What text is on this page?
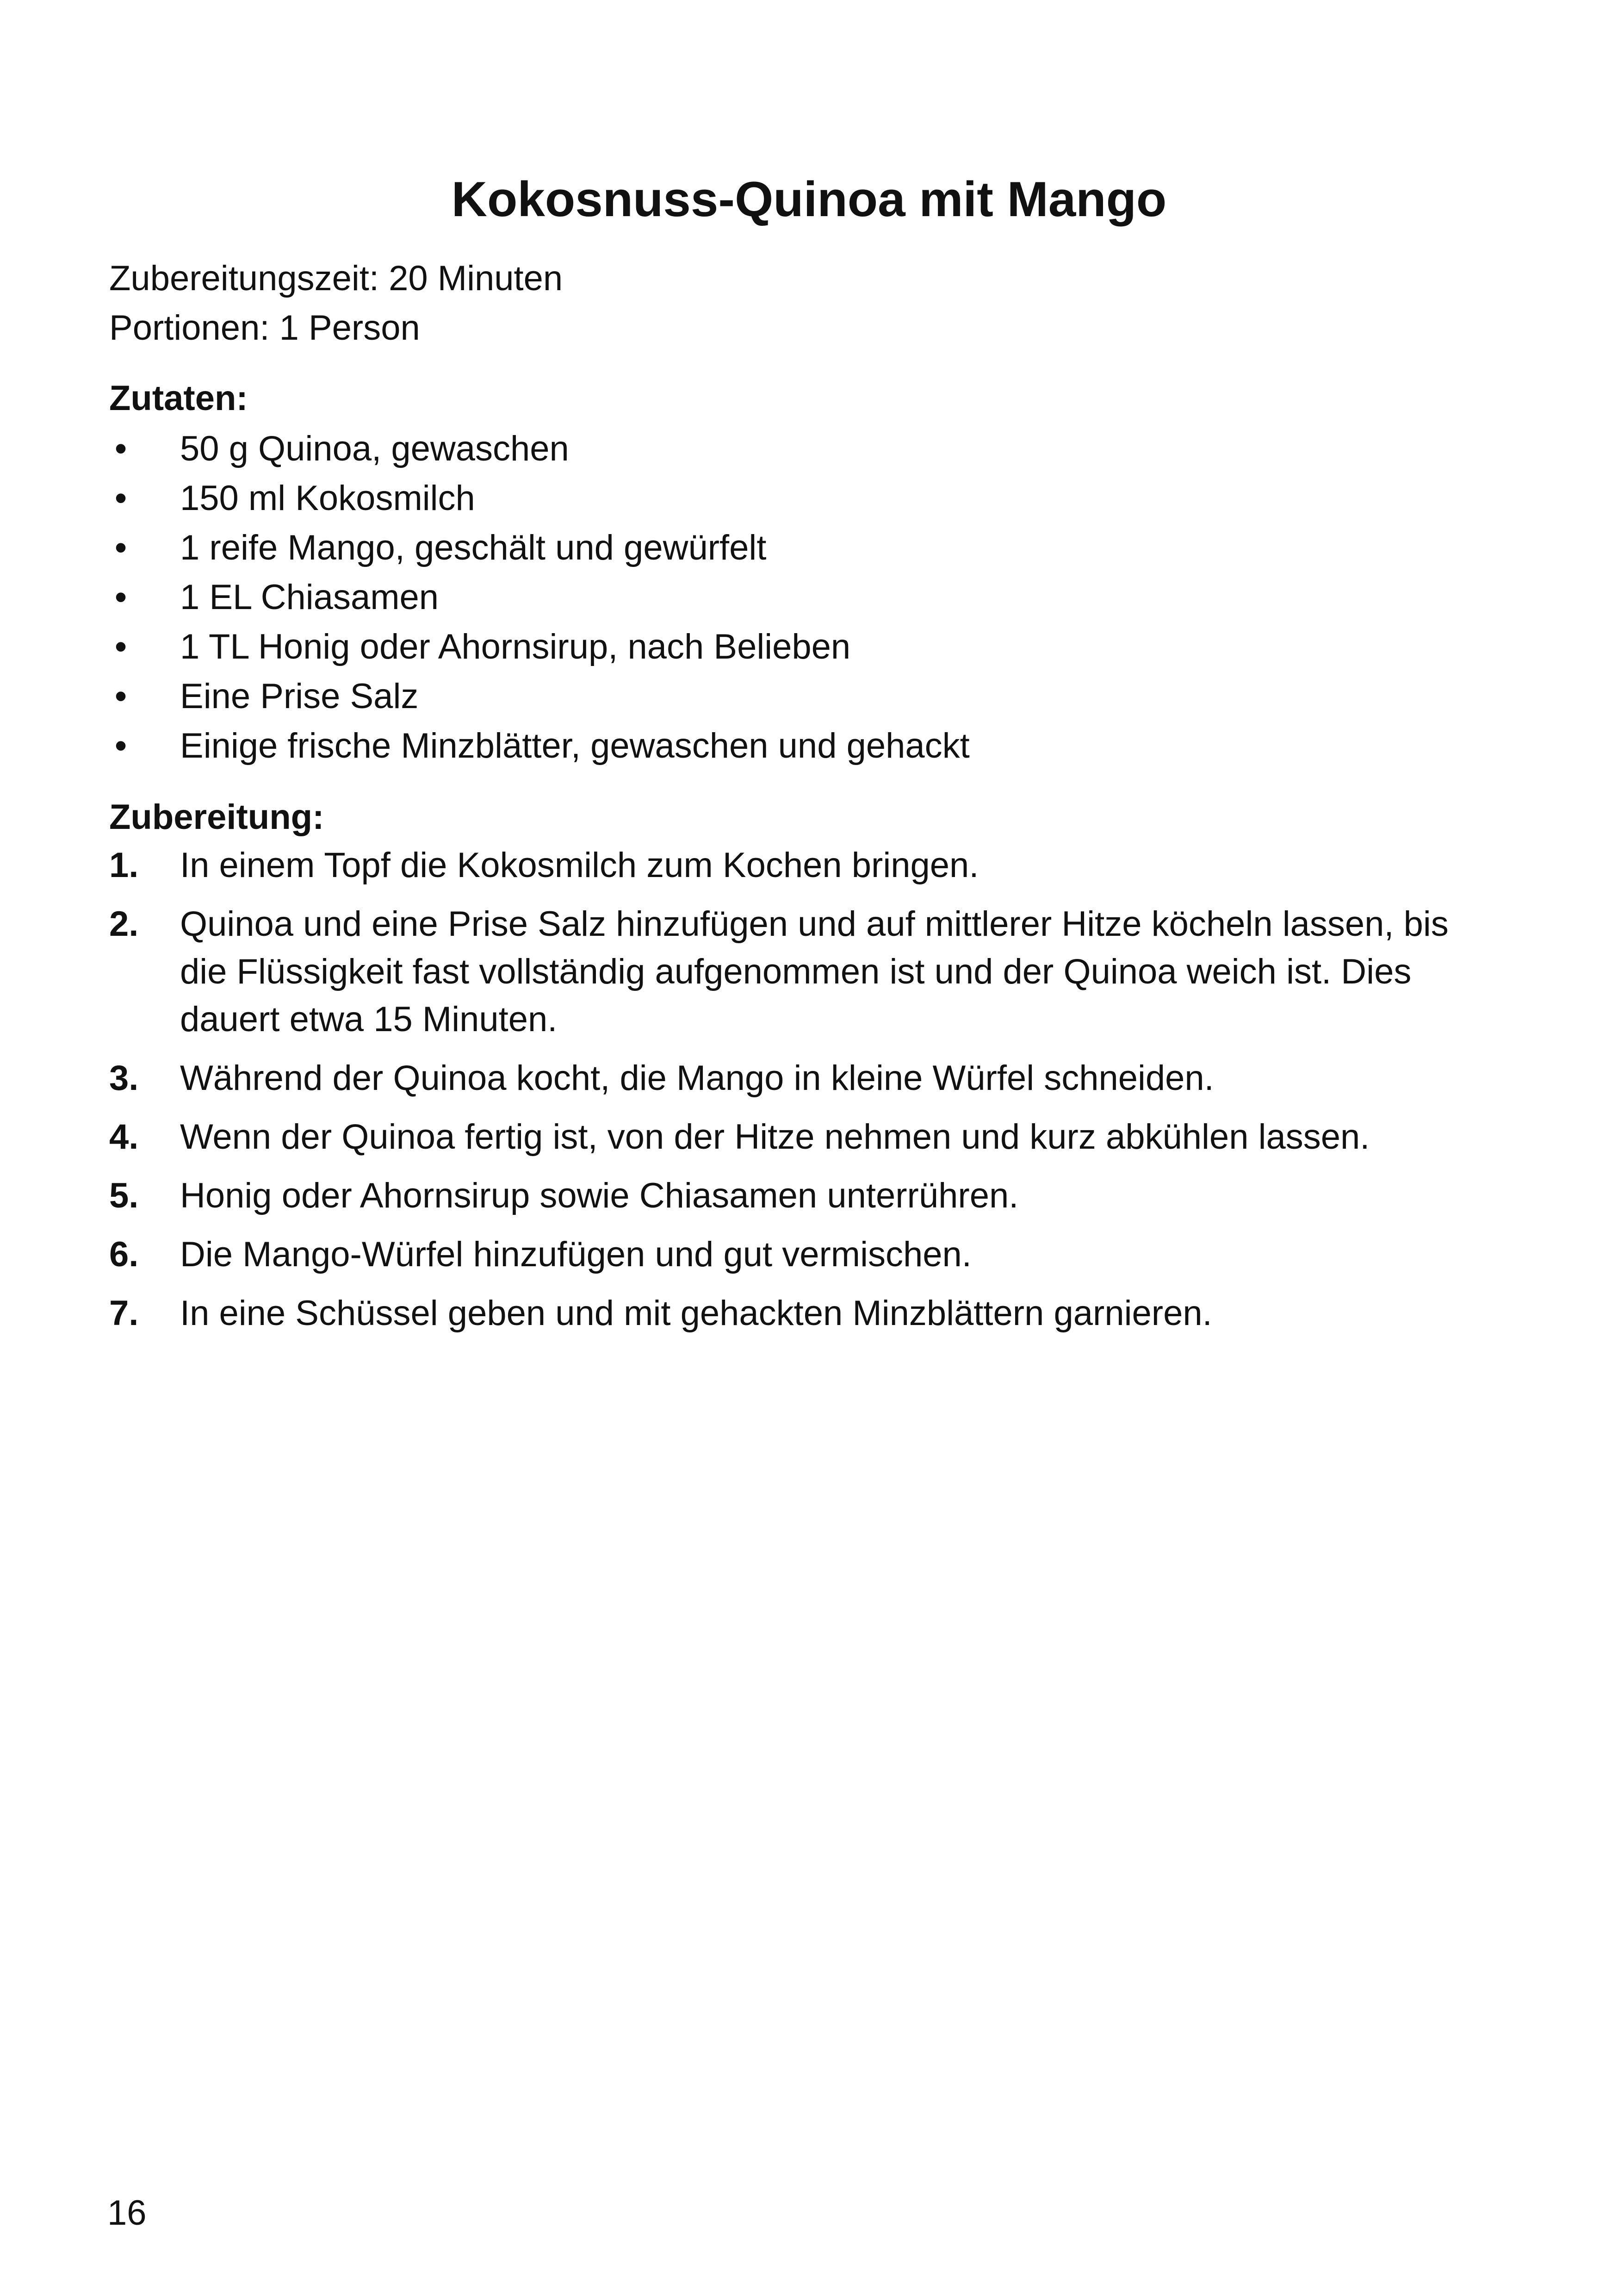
Kokosnuss-Quinoa mit Mango
Zubereitungszeit: 20 Minuten
Portionen: 1 Person
Zutaten:
• 50 g Quinoa, gewaschen
• 150 ml Kokosmilch
• 1 reife Mango, geschält und gewürfelt
• 1 EL Chiasamen
• 1 TL Honig oder Ahornsirup, nach Belieben
• Eine Prise Salz
• Einige frische Minzblätter, gewaschen und gehackt
Zubereitung:
1. In einem Topf die Kokosmilch zum Kochen bringen.
2. Quinoa und eine Prise Salz hinzufügen und auf mittlerer Hitze köcheln lassen, bis die Flüssigkeit fast vollständig aufgenommen ist und der Quinoa weich ist. Dies dauert etwa 15 Minuten.
3. Während der Quinoa kocht, die Mango in kleine Würfel schneiden.
4. Wenn der Quinoa fertig ist, von der Hitze nehmen und kurz abkühlen lassen.
5. Honig oder Ahornsirup sowie Chiasamen unterrühren.
6. Die Mango-Würfel hinzufügen und gut vermischen.
7. In eine Schüssel geben und mit gehackten Minzblättern garnieren.
16
